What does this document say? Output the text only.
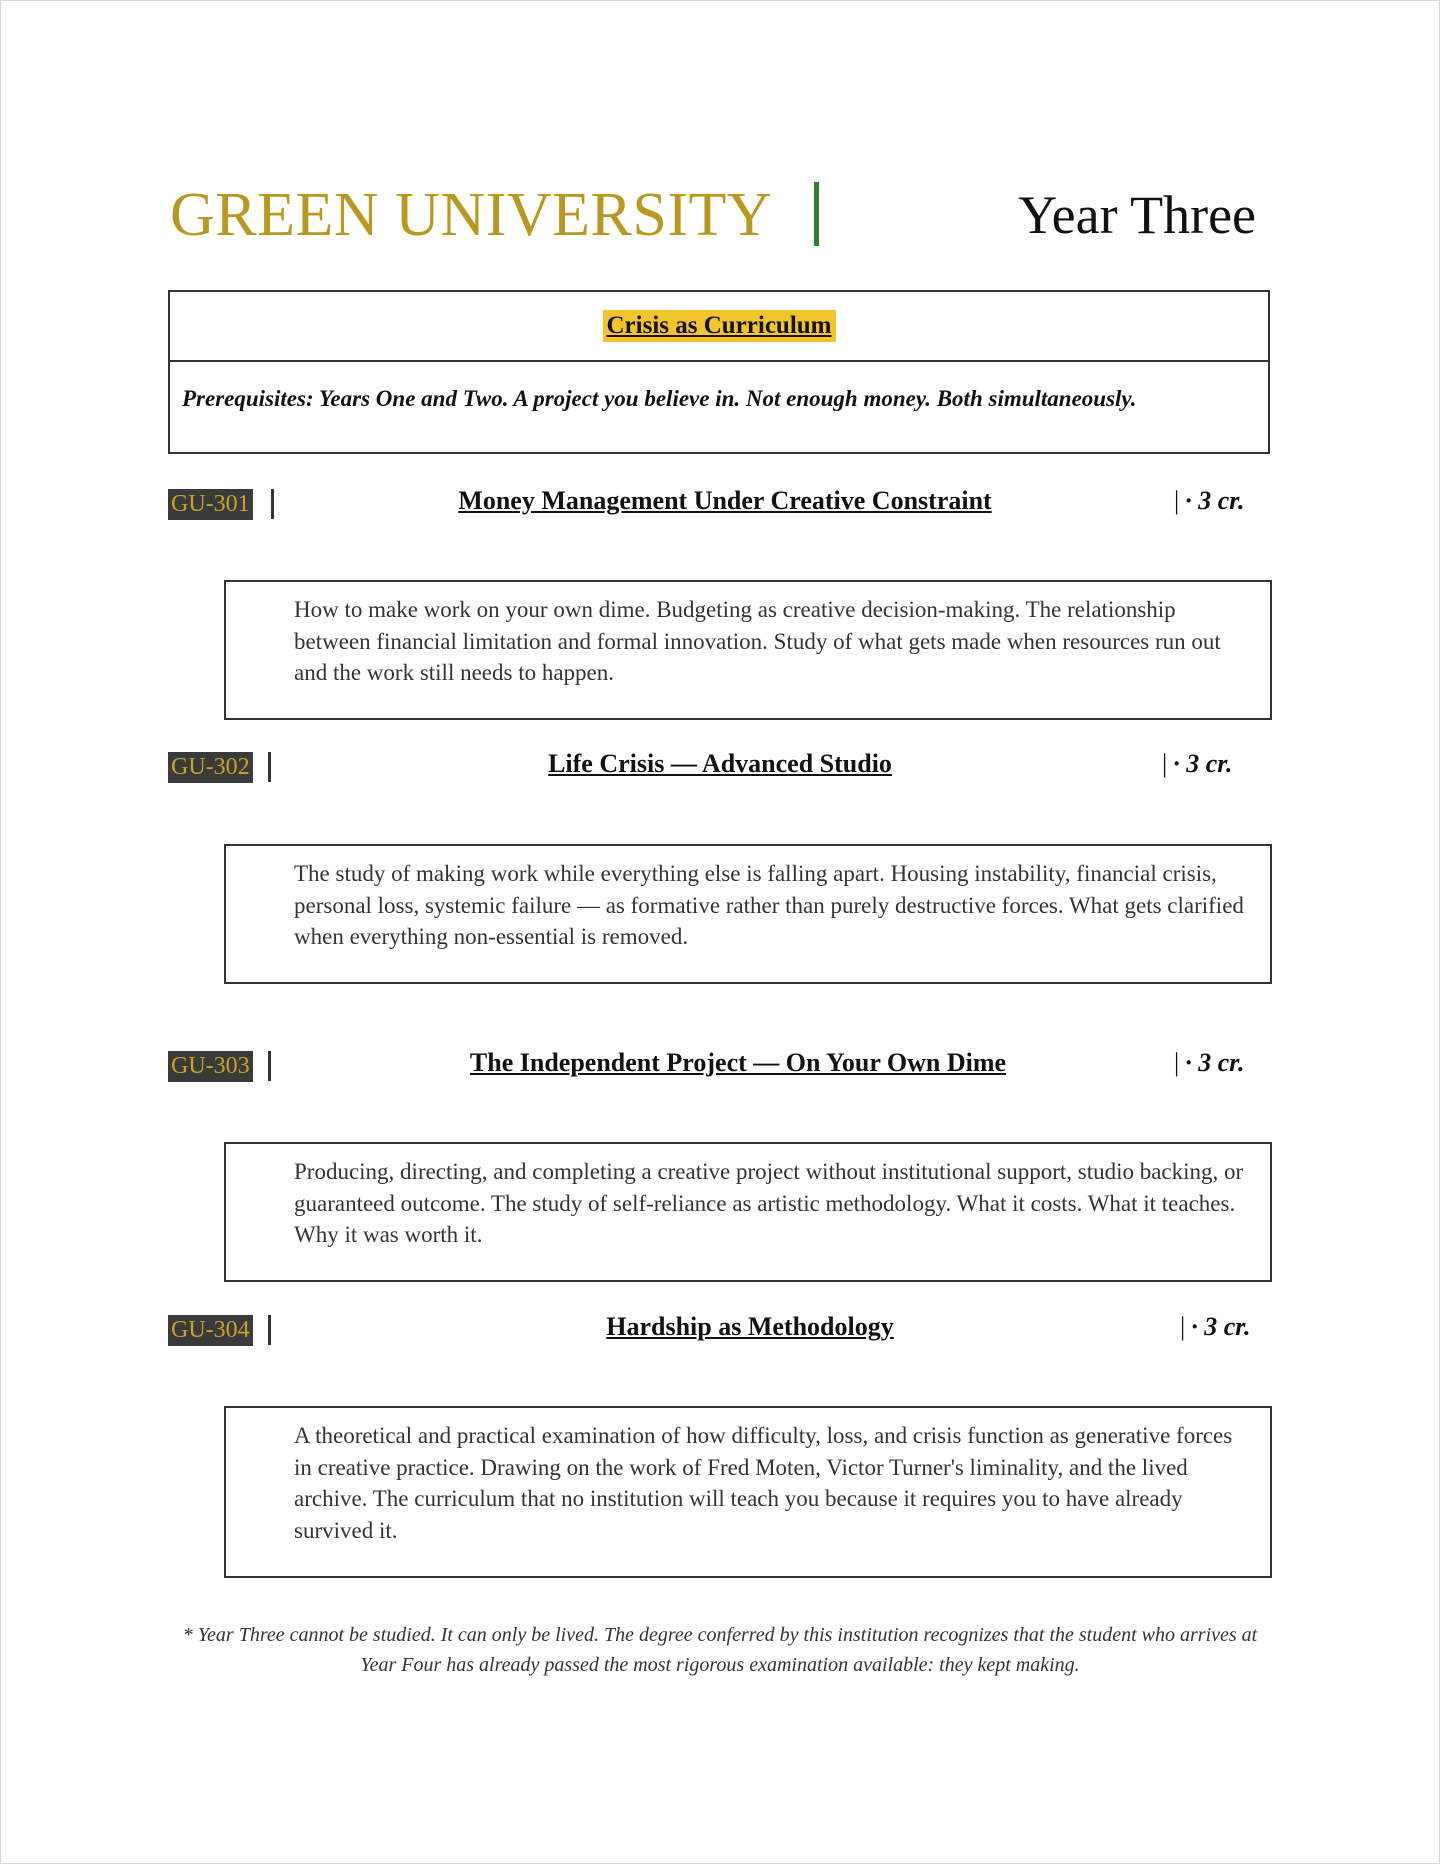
GREEN UNIVERSITY	Year Three
Crisis as Curriculum
Prerequisites: Years One and Two. A project you believe in. Not enough money. Both simultaneously.
GU-301	Money Management Under Creative Constraint	| · 3 cr.
How to make work on your own dime. Budgeting as creative decision-making. The relationship between financial limitation and formal innovation. Study of what gets made when resources run out and the work still needs to happen.
GU-302	Life Crisis — Advanced Studio	| · 3 cr.
The study of making work while everything else is falling apart. Housing instability, financial crisis, personal loss, systemic failure — as formative rather than purely destructive forces. What gets clarified when everything non-essential is removed.
GU-303	The Independent Project — On Your Own Dime	| · 3 cr.
Producing, directing, and completing a creative project without institutional support, studio backing, or guaranteed outcome. The study of self-reliance as artistic methodology. What it costs. What it teaches. Why it was worth it.
GU-304	Hardship as Methodology	| · 3 cr.
A theoretical and practical examination of how difficulty, loss, and crisis function as generative forces in creative practice. Drawing on the work of Fred Moten, Victor Turner's liminality, and the lived archive. The curriculum that no institution will teach you because it requires you to have already survived it.
* Year Three cannot be studied. It can only be lived. The degree conferred by this institution recognizes that the student who arrives at Year Four has already passed the most rigorous examination available: they kept making.
